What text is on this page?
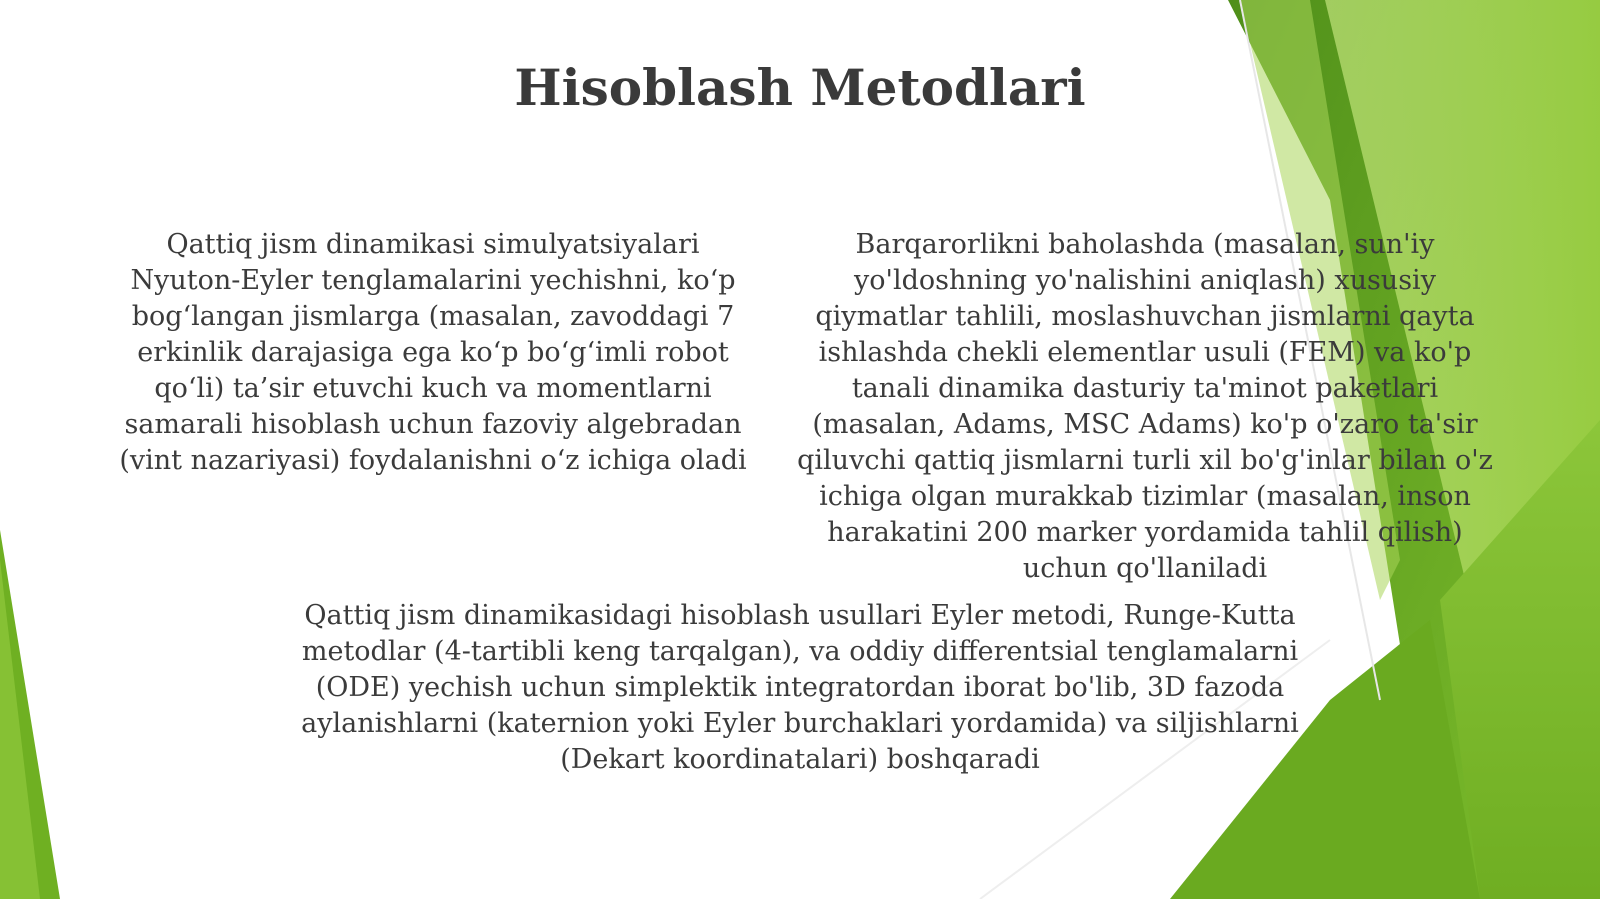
Hisoblash Metodlari

Qattiq jism dinamikasi simulyatsiyalari Nyuton-Eyler tenglamalarini yechishni, ko‘p bog‘langan jismlarga (masalan, zavoddagi 7 erkinlik darajasiga ega ko‘p bo‘g‘imli robot qo‘li) ta’sir etuvchi kuch va momentlarni samarali hisoblash uchun fazoviy algebradan (vint nazariyasi) foydalanishni o‘z ichiga oladi

Barqarorlikni baholashda (masalan, sun'iy yo'ldoshning yo'nalishini aniqlash) xususiy qiymatlar tahlili, moslashuvchan jismlarni qayta ishlashda chekli elementlar usuli (FEM) va ko'p tanali dinamika dasturiy ta'minot paketlari (masalan, Adams, MSC Adams) ko'p o'zaro ta'sir qiluvchi qattiq jismlarni turli xil bo'g'inlar bilan o'z ichiga olgan murakkab tizimlar (masalan, inson harakatini 200 marker yordamida tahlil qilish) uchun qo'llaniladi

Qattiq jism dinamikasidagi hisoblash usullari Eyler metodi, Runge-Kutta metodlar (4-tartibli keng tarqalgan), va oddiy differentsial tenglamalarni (ODE) yechish uchun simplektik integratordan iborat bo'lib, 3D fazoda aylanishlarni (katernion yoki Eyler burchaklari yordamida) va siljishlarni (Dekart koordinatalari) boshqaradi
